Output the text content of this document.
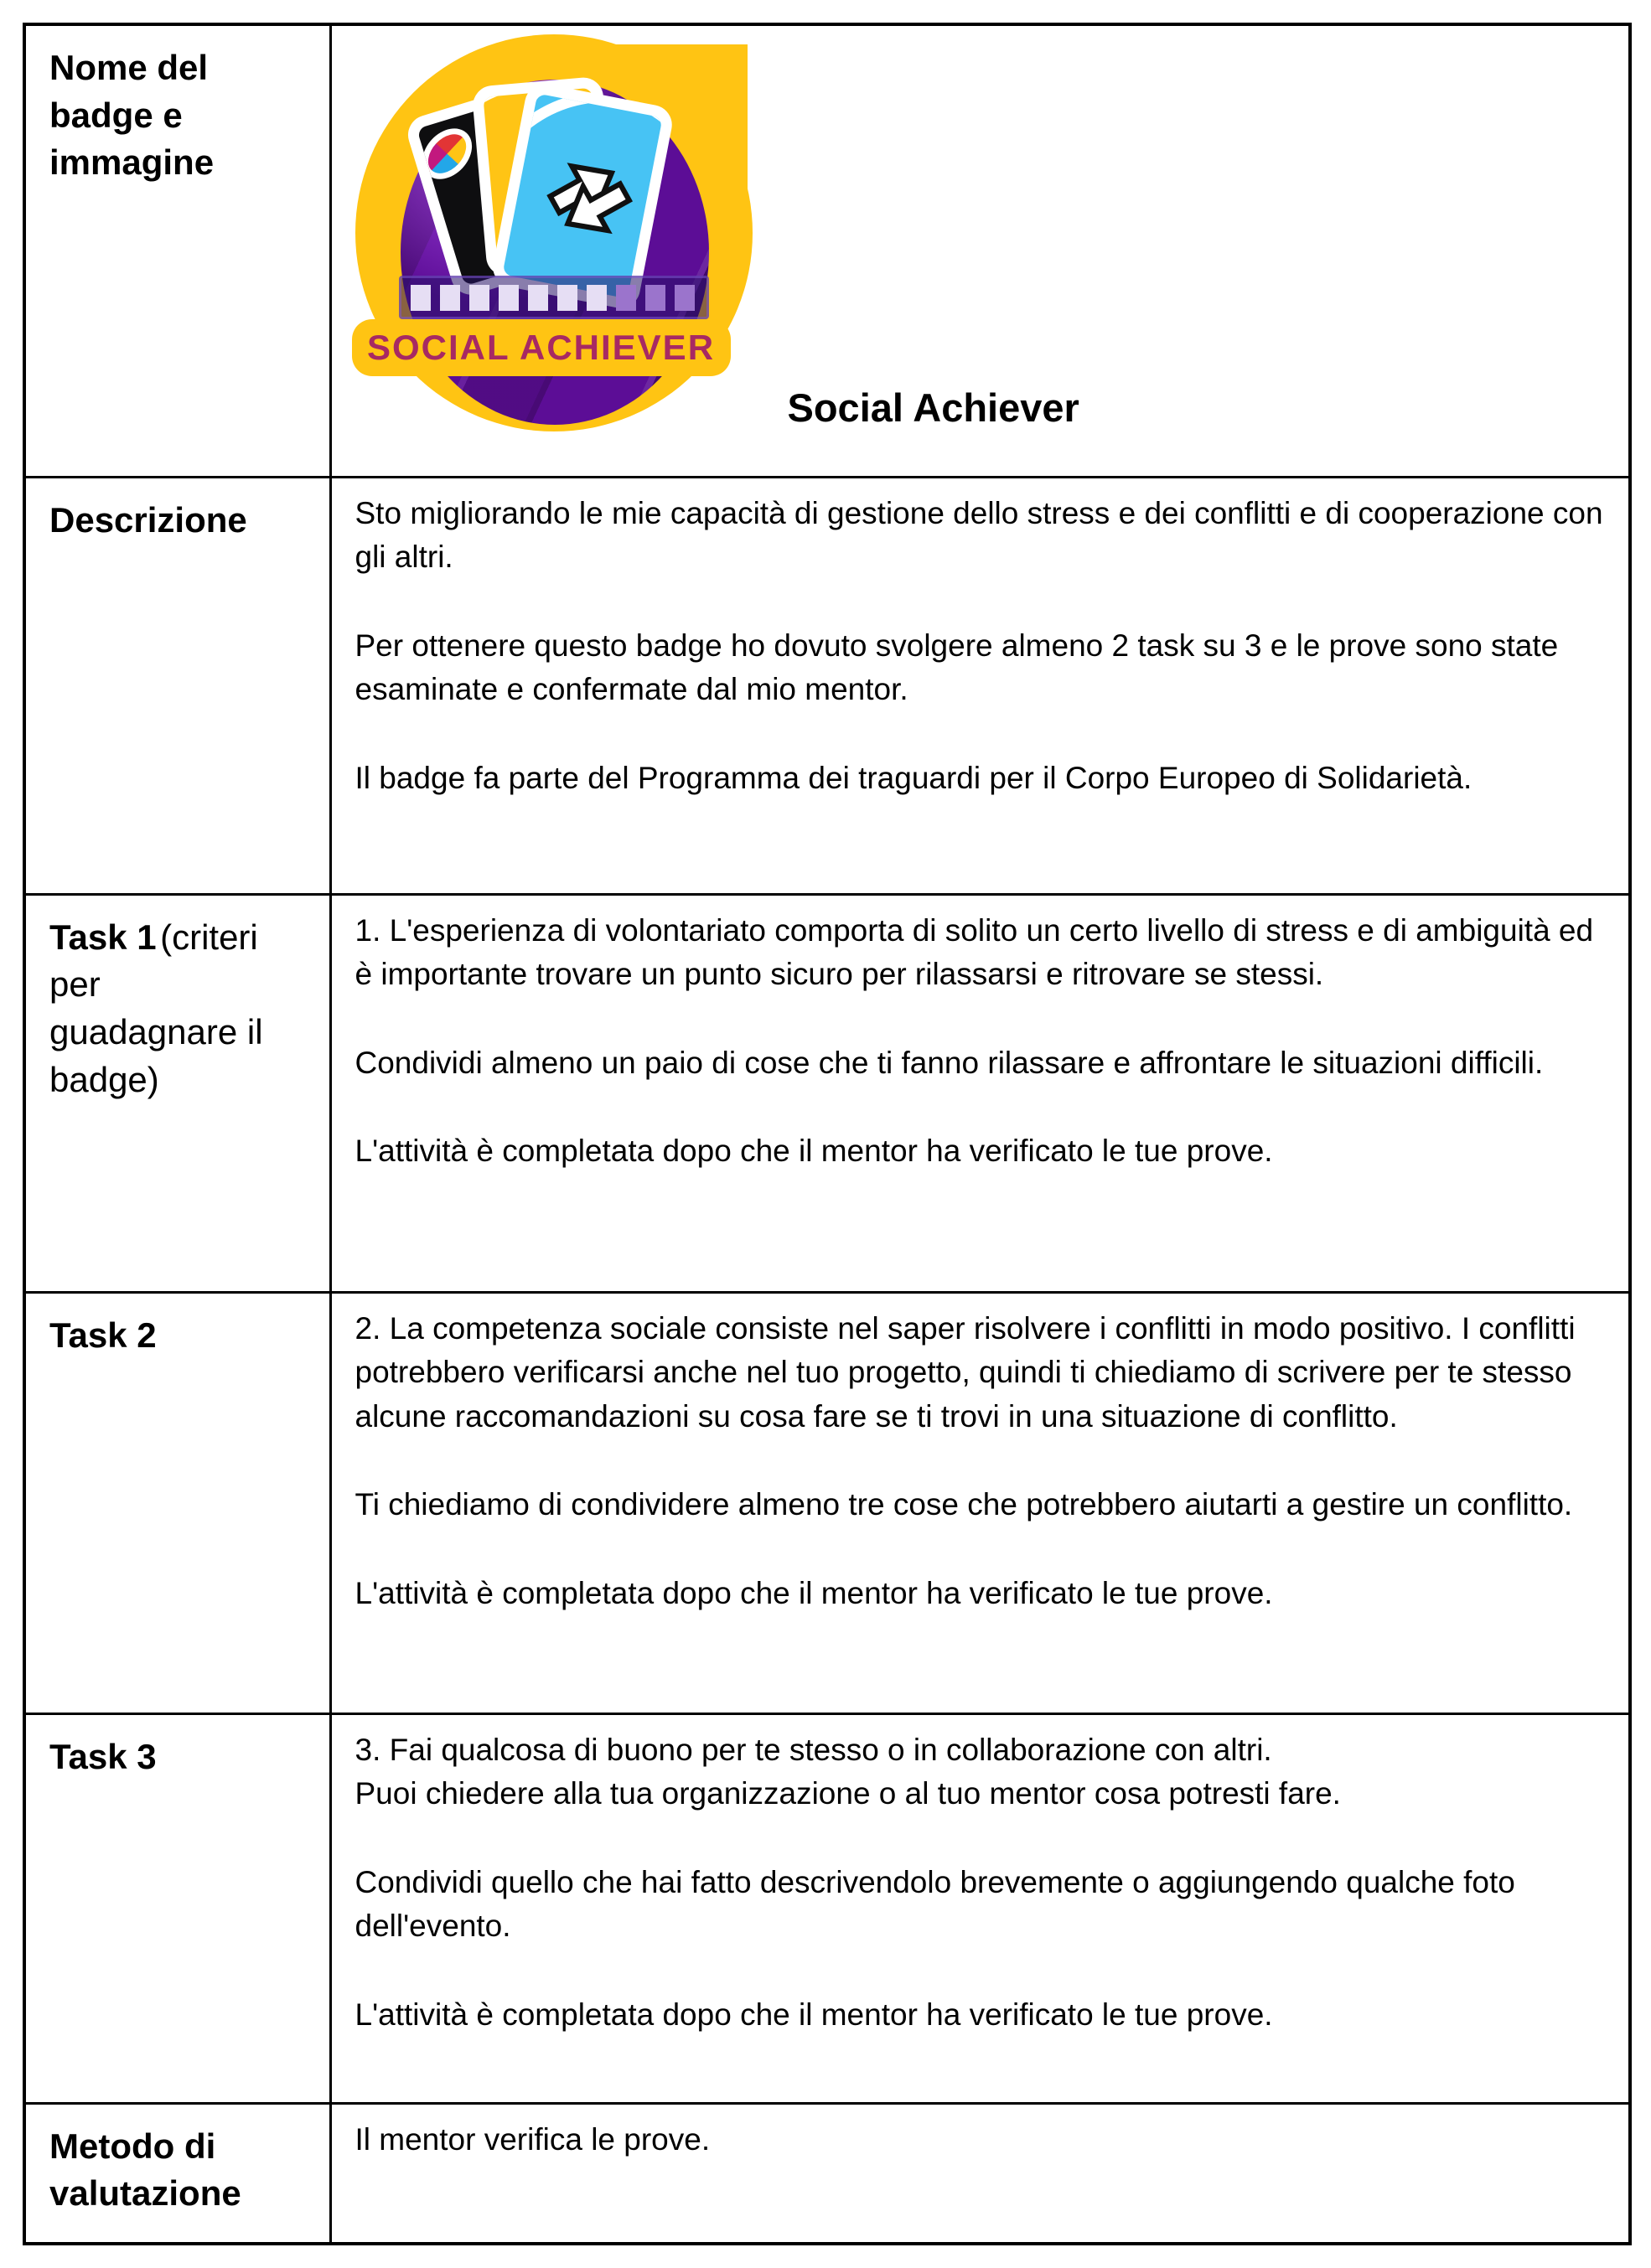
Nome del badge e immagine	SOCIAL ACHIEVER
Social Achiever

Descrizione	Sto migliorando le mie capacità di gestione dello stress e dei conflitti e di cooperazione con gli altri.

Per ottenere questo badge ho dovuto svolgere almeno 2 task su 3 e le prove sono state esaminate e confermate dal mio mentor.

Il badge fa parte del Programma dei traguardi per il Corpo Europeo di Solidarietà.

Task 1 (criteri per guadagnare il badge)	1. L'esperienza di volontariato comporta di solito un certo livello di stress e di ambiguità ed è importante trovare un punto sicuro per rilassarsi e ritrovare se stessi.

Condividi almeno un paio di cose che ti fanno rilassare e affrontare le situazioni difficili.

L'attività è completata dopo che il mentor ha verificato le tue prove.

Task 2	2. La competenza sociale consiste nel saper risolvere i conflitti in modo positivo. I conflitti potrebbero verificarsi anche nel tuo progetto, quindi ti chiediamo di scrivere per te stesso alcune raccomandazioni su cosa fare se ti trovi in una situazione di conflitto.

Ti chiediamo di condividere almeno tre cose che potrebbero aiutarti a gestire un conflitto.

L'attività è completata dopo che il mentor ha verificato le tue prove.

Task 3	3. Fai qualcosa di buono per te stesso o in collaborazione con altri.
Puoi chiedere alla tua organizzazione o al tuo mentor cosa potresti fare.

Condividi quello che hai fatto descrivendolo brevemente o aggiungendo qualche foto dell'evento.

L'attività è completata dopo che il mentor ha verificato le tue prove.

Metodo di valutazione	Il mentor verifica le prove.
